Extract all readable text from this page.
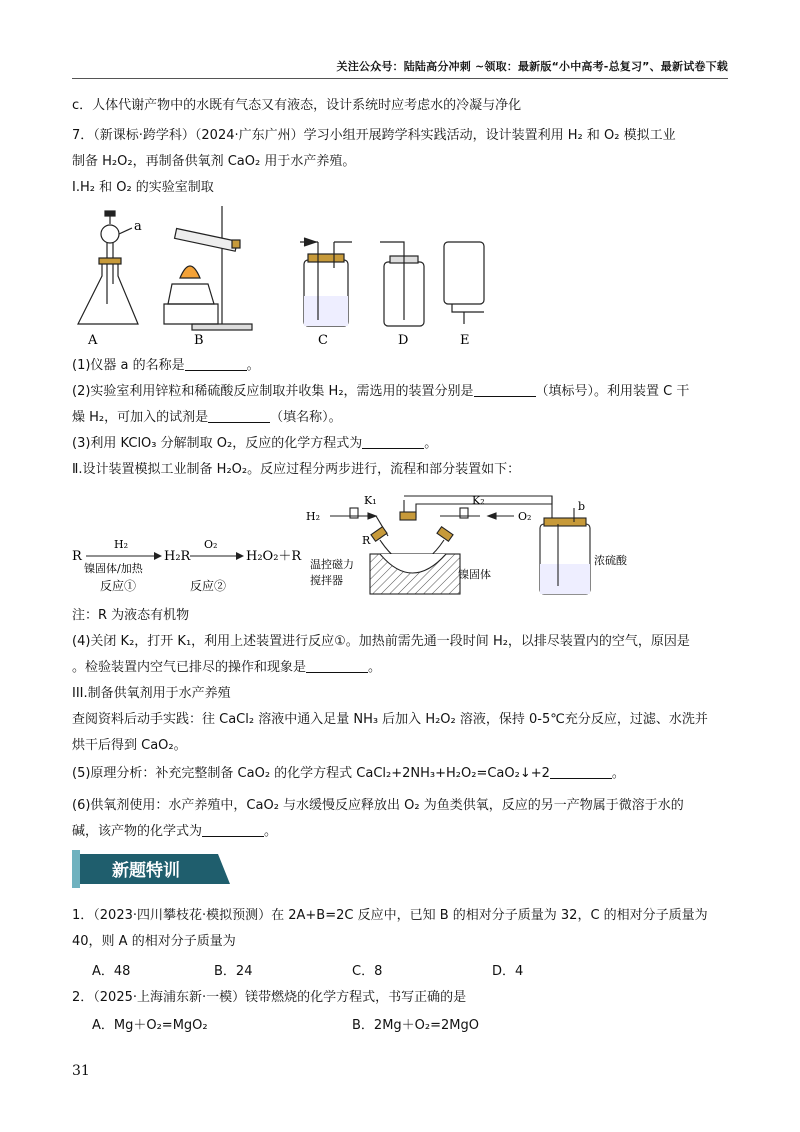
关注公众号：陆陆高分冲刺 ~领取：最新版“小中高考-总复习”、最新试卷下载
c．人体代谢产物中的水既有气态又有液态，设计系统时应考虑水的冷凝与净化
7．（新课标·跨学科）（2024·广东广州）学习小组开展跨学科实践活动，设计装置利用 H₂ 和 O₂ 模拟工业
制备 H₂O₂，再制备供氧剂 CaO₂ 用于水产养殖。
I.H₂ 和 O₂ 的实验室制取
a
A	B	C	D	E
(1)仪器 a 的名称是	。
(2)实验室利用锌粒和稀硫酸反应制取并收集 H₂，需选用的装置分别是	（填标号）。利用装置 C 干
燥 H₂，可加入的试剂是	（填名称）。
(3)利用 KClO₃ 分解制取 O₂，反应的化学方程式为	。
Ⅱ.设计装置模拟工业制备 H₂O₂。反应过程分两步进行，流程和部分装置如下：
R
H₂
镍固体/加热
反应①
H₂R
O₂
反应②
H₂O₂＋R
H₂
K₁	K₂
O₂
b
R
温控磁力
搅拌器	镍固体
浓硫酸
注：R 为液态有机物
(4)关闭 K₂，打开 K₁，利用上述装置进行反应①。加热前需先通一段时间 H₂，以排尽装置内的空气，原因是
。检验装置内空气已排尽的操作和现象是	。
III.制备供氧剂用于水产养殖
查阅资料后动手实践：往 CaCl₂ 溶液中通入足量 NH₃ 后加入 H₂O₂ 溶液，保持 0-5℃充分反应，过滤、水洗并
烘干后得到 CaO₂。
(5)原理分析：补充完整制备 CaO₂ 的化学方程式 CaCl₂+2NH₃+H₂O₂=CaO₂↓+2	。
(6)供氧剂使用：水产养殖中，CaO₂ 与水缓慢反应释放出 O₂ 为鱼类供氧，反应的另一产物属于微溶于水的
碱，该产物的化学式为	。
新题特训
1．（2023·四川攀枝花·模拟预测）在 2A+B=2C 反应中，已知 B 的相对分子质量为 32，C 的相对分子质量为
40，则 A 的相对分子质量为
A．48	B．24	C．8	D．4
2．（2025·上海浦东新·一模）镁带燃烧的化学方程式，书写正确的是
A．Mg＋O₂=MgO₂	B．2Mg＋O₂=2MgO
31
